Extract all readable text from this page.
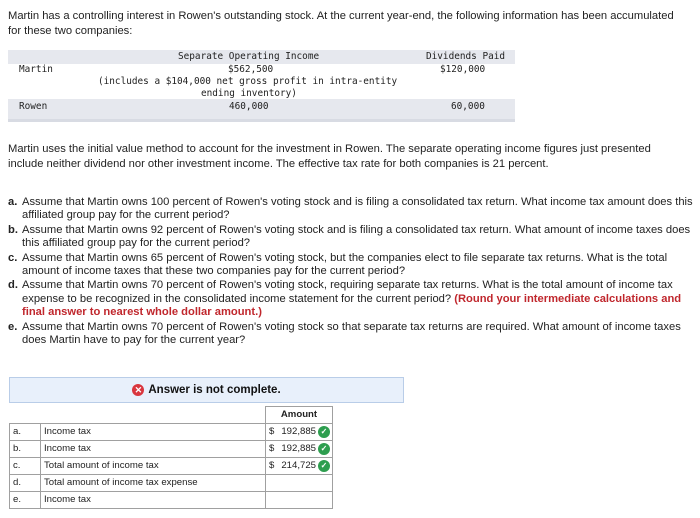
Martin has a controlling interest in Rowen's outstanding stock. At the current year-end, the following information has been accumulated for these two companies:
Separate Operating Income	Dividends Paid
Martin	$562,500	$120,000
(includes a $104,000 net gross profit in intra-entity
ending inventory)
Rowen	460,000	60,000
Martin uses the initial value method to account for the investment in Rowen. The separate operating income figures just presented include neither dividend nor other investment income. The effective tax rate for both companies is 21 percent.
a. Assume that Martin owns 100 percent of Rowen's voting stock and is filing a consolidated tax return. What income tax amount does this affiliated group pay for the current period?
b. Assume that Martin owns 92 percent of Rowen's voting stock and is filing a consolidated tax return. What amount of income taxes does this affiliated group pay for the current period?
c. Assume that Martin owns 65 percent of Rowen's voting stock, but the companies elect to file separate tax returns. What is the total amount of income taxes that these two companies pay for the current period?
d. Assume that Martin owns 70 percent of Rowen's voting stock, requiring separate tax returns. What is the total amount of income tax expense to be recognized in the consolidated income statement for the current period? (Round your intermediate calculations and final answer to nearest whole dollar amount.)
e. Assume that Martin owns 70 percent of Rowen's voting stock so that separate tax returns are required. What amount of income taxes does Martin have to pay for the current year?
✕ Answer is not complete.
		Amount
a.	Income tax	$ 192,885 ✓

b.	Income tax	$ 192,885 ✓

c.	Total amount of income tax	$ 214,725 ✓

d.	Total amount of income tax expense	

e.	Income tax	
